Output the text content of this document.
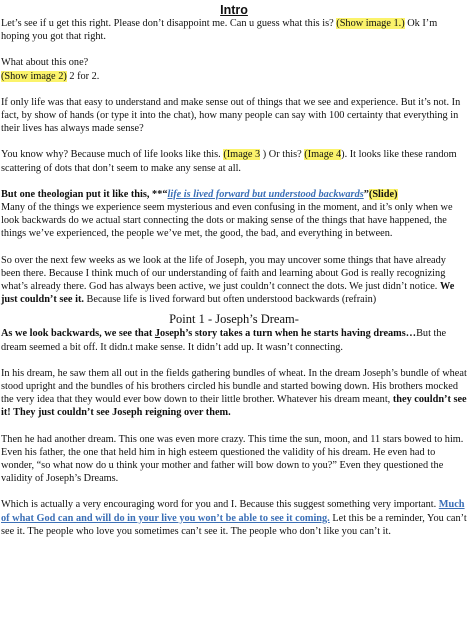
Intro

Let’s see if u get this right. Please don’t disappoint me. Can u guess what this is? (Show image 1.) Ok I’m hoping you got that right.

What about this one?
(Show image 2) 2 for 2.

If only life was that easy to understand and make sense out of things that we see and experience. But it’s not. In fact, by show of hands (or type it into the chat), how many people can say with 100 certainty that everything in their lives has always made sense?

You know why? Because much of life looks like this. (Image 3 ) Or this? (Image 4). It looks like these random scattering of dots that don’t seem to make any sense at all.

But one theologian put it like this, **“life is lived forward but understood backwards”(Slide)
Many of the things we experience seem mysterious and even confusing in the moment, and it’s only when we look backwards do we actual start connecting the dots or making sense of the things that have happened, the things we’ve experienced, the people we’ve met, the good, the bad, and everything in between.

So over the next few weeks as we look at the life of Joseph, you may uncover some things that have already been there. Because I think much of our understanding of faith and learning about God is really recognizing what’s already there. God has always been active, we just couldn’t connect the dots. We just didn’t notice. We just couldn’t see it. Because life is lived forward but often understood backwards (refrain)

Point 1 - Joseph’s Dream-

As we look backwards, we see that Joseph’s story takes a turn when he starts having dreams…But the dream seemed a bit off. It didn.t make sense. It didn’t add up. It wasn’t connecting.

In his dream, he saw them all out in the fields gathering bundles of wheat. In the dream Joseph’s bundle of wheat stood upright and the bundles of his brothers circled his bundle and started bowing down. His brothers mocked the very idea that they would ever bow down to their little brother. Whatever his dream meant, they couldn’t see it! They just couldn’t see Joseph reigning over them.

Then he had another dream. This one was even more crazy. This time the sun, moon, and 11 stars bowed to him. Even his father, the one that held him in high esteem questioned the validity of his dream. He even had to wonder, “so what now do u think your mother and father will bow down to you?” Even they questioned the validity of Joseph’s Dreams.

Which is actually a very encouraging word for you and I. Because this suggest something very important. Much of what God can and will do in your live you won’t be able to see it coming. Let this be a reminder, You can’t see it. The people who love you sometimes can’t see it. The people who don’t like you can’t it.
